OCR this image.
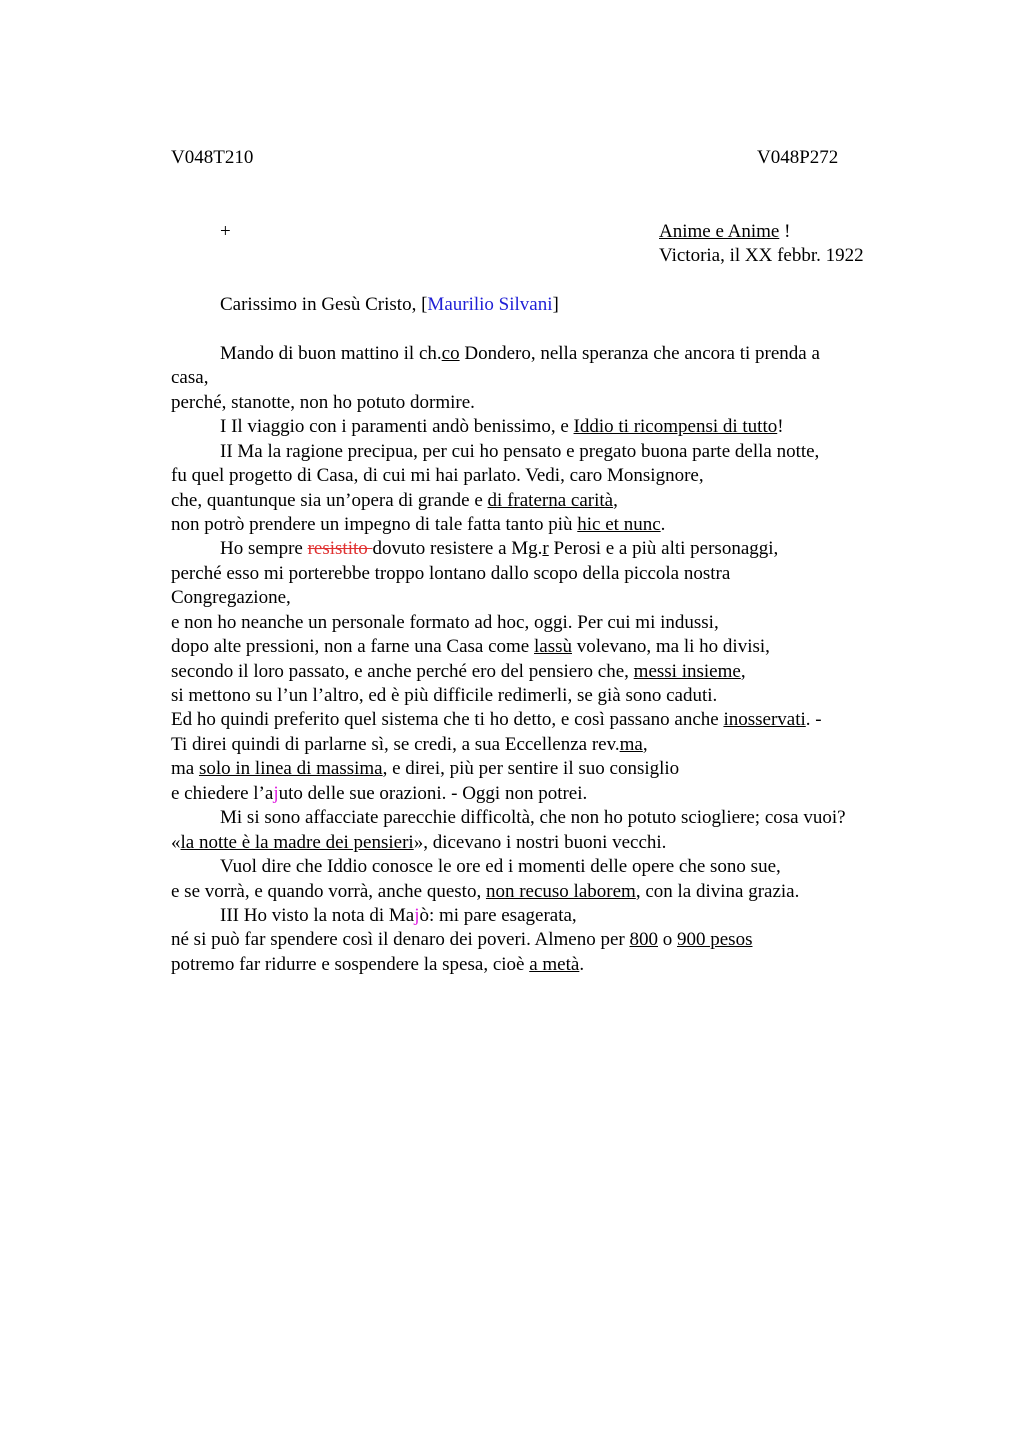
V048T210	V048P272
+	Anime e Anime !
Victoria, il XX febbr. 1922
Carissimo in Gesù Cristo, [Maurilio Silvani]
Mando di buon mattino il ch.co Dondero, nella speranza che ancora ti prenda a
casa,
perché, stanotte, non ho potuto dormire.
I Il viaggio con i paramenti andò benissimo, e Iddio ti ricompensi di tutto!
II Ma la ragione precipua, per cui ho pensato e pregato buona parte della notte,
fu quel progetto di Casa, di cui mi hai parlato. Vedi, caro Monsignore,
che, quantunque sia un’opera di grande e di fraterna carità,
non potrò prendere un impegno di tale fatta tanto più hic et nunc.
Ho sempre resistito dovuto resistere a Mg.r Perosi e a più alti personaggi,
perché esso mi porterebbe troppo lontano dallo scopo della piccola nostra
Congregazione,
e non ho neanche un personale formato ad hoc, oggi. Per cui mi indussi,
dopo alte pressioni, non a farne una Casa come lassù volevano, ma li ho divisi,
secondo il loro passato, e anche perché ero del pensiero che, messi insieme,
si mettono su l’un l’altro, ed è più difficile redimerli, se già sono caduti.
Ed ho quindi preferito quel sistema che ti ho detto, e così passano anche inosservati. -
Ti direi quindi di parlarne sì, se credi, a sua Eccellenza rev.ma,
ma solo in linea di massima, e direi, più per sentire il suo consiglio
e chiedere l’ajuto delle sue orazioni. - Oggi non potrei.
Mi si sono affacciate parecchie difficoltà, che non ho potuto sciogliere; cosa vuoi?
«la notte è la madre dei pensieri», dicevano i nostri buoni vecchi.
Vuol dire che Iddio conosce le ore ed i momenti delle opere che sono sue,
e se vorrà, e quando vorrà, anche questo, non recuso laborem, con la divina grazia.
III Ho visto la nota di Majò: mi pare esagerata,
né si può far spendere così il denaro dei poveri. Almeno per 800 o 900 pesos
potremo far ridurre e sospendere la spesa, cioè a metà.
